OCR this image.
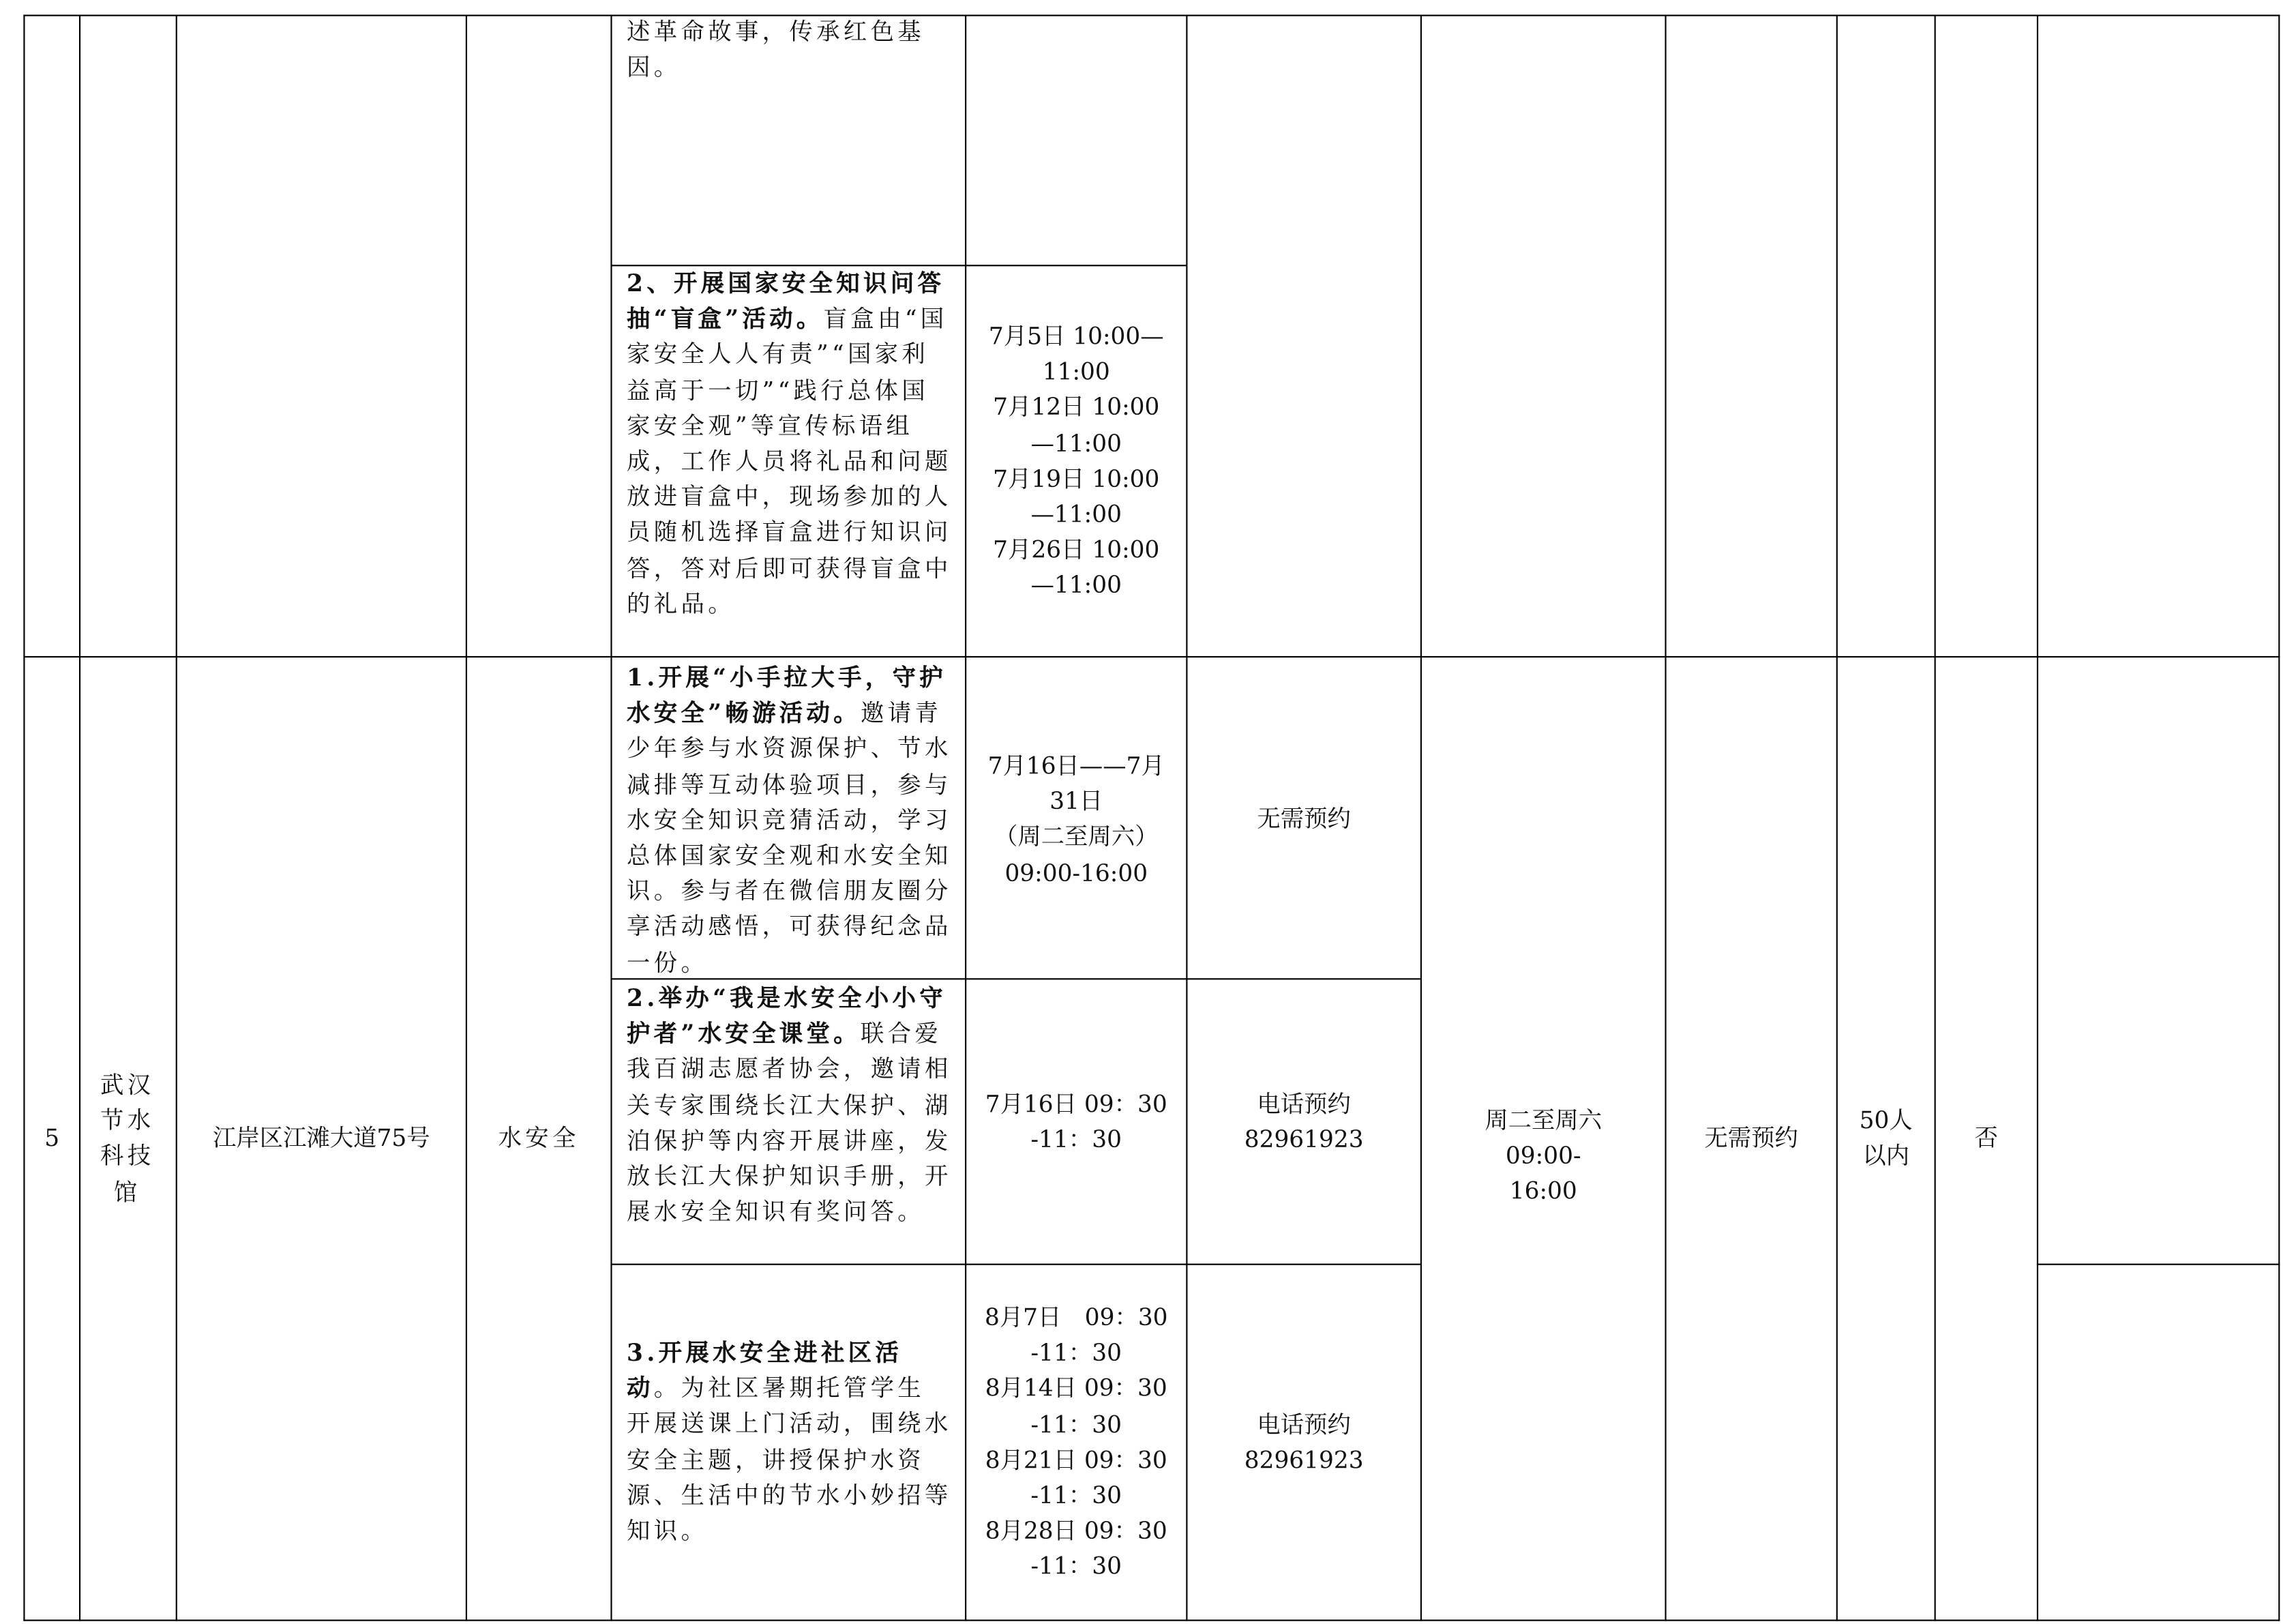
述革命故事，传承红色基因。
2、开展国家安全知识问答抽“盲盒”活动。盲盒由“国家安全人人有责”“国家利益高于一切”“践行总体国家安全观”等宣传标语组成，工作人员将礼品和问题放进盲盒中，现场参加的人员随机选择盲盒进行知识问答，答对后即可获得盲盒中的礼品。
7月5日 10:00—
11:00
7月12日 10:00
—11:00
7月19日 10:00
—11:00
7月26日 10:00
—11:00
5
武汉节水科技馆
江岸区江滩大道75号	水安全
1.开展“小手拉大手，守护水安全”畅游活动。邀请青少年参与水资源保护、节水减排等互动体验项目，参与水安全知识竞猜活动，学习总体国家安全观和水安全知识。参与者在微信朋友圈分享活动感悟，可获得纪念品一份。
7月16日——7月
31日
（周二至周六）
09:00-16:00
无需预约
2.举办“我是水安全小小守护者”水安全课堂。联合爱我百湖志愿者协会，邀请相关专家围绕长江大保护、湖泊保护等内容开展讲座，发放长江大保护知识手册，开展水安全知识有奖问答。
7月16日 09：30
-11：30
电话预约
82961923
3.开展水安全进社区活动。为社区暑期托管学生开展送课上门活动，围绕水安全主题，讲授保护水资源、生活中的节水小妙招等知识。
8月7日　09：30
-11：30
8月14日 09：30
-11：30
8月21日 09：30
-11：30
8月28日 09：30
-11：30
电话预约
82961923
周二至周六 09:00-16:00
无需预约
50人以内
否
